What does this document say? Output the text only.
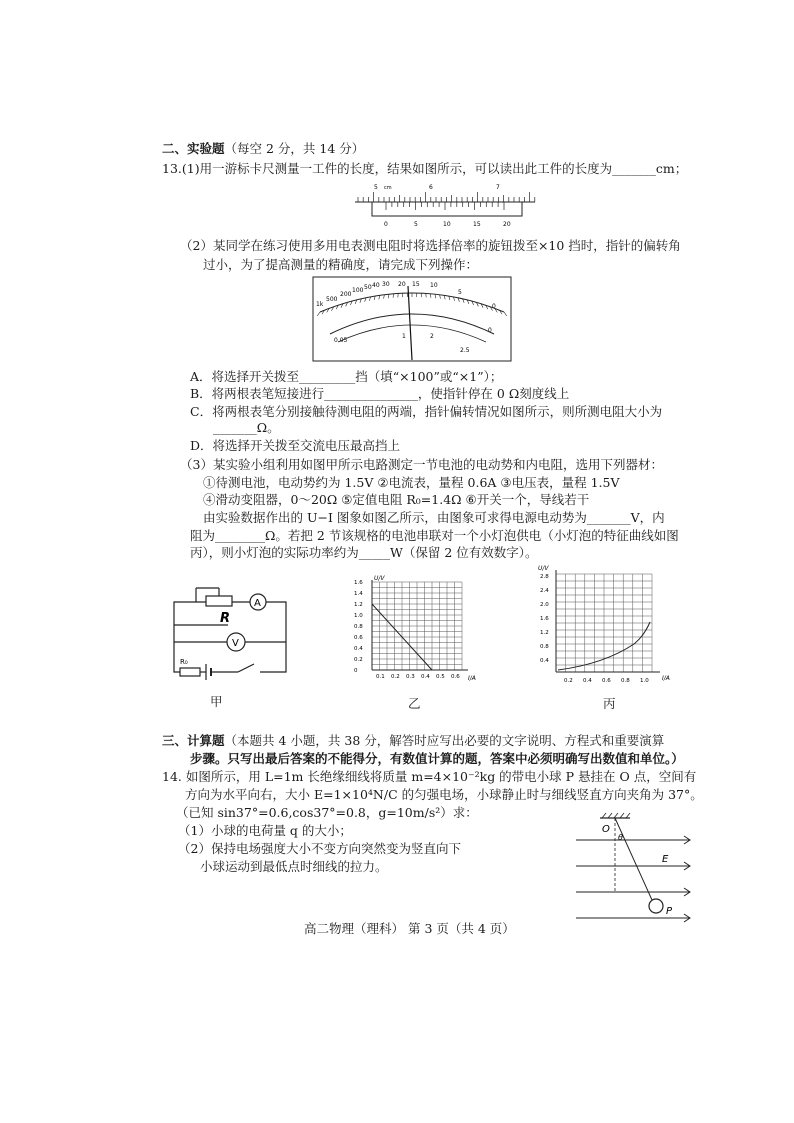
二、实验题（每空 2 分，共 14 分）
13.(1)用一游标卡尺测量一工件的长度，结果如图所示，可以读出此工件的长度为_______cm；
5 cm	6	7
0	5	10	15	20
（2）某同学在练习使用多用电表测电阻时将选择倍率的旋钮拨至×10 挡时，指针的偏转角
过小，为了提高测量的精确度，请完成下列操作：
1k
500
200
100 50 40 30 20 15 10
5
0
0.05
1	2
2.5
0
A．将选择开关拨至_________挡（填“×100”或“×1”）；
B．将两根表笔短接进行_______________，使指针停在 0 Ω刻度线上
C．将两根表笔分别接触待测电阻的两端，指针偏转情况如图所示，则所测电阻大小为
_______Ω。
D．将选择开关拨至交流电压最高挡上
（3）某实验小组利用如图甲所示电路测定一节电池的电动势和内电阻，选用下列器材：
①待测电池，电动势约为 1.5V ②电流表，量程 0.6A ③电压表，量程 1.5V
④滑动变阻器，0～20Ω ⑤定值电阻 R₀=1.4Ω ⑥开关一个，导线若干
由实验数据作出的 U−I 图象如图乙所示，由图象可求得电源电动势为_______V，内
阻为________Ω。若把 2 节该规格的电池串联对一个小灯泡供电（小灯泡的特征曲线如图
丙），则小灯泡的实际功率约为_____W（保留 2 位有效数字）。
R
A
V
R₀
甲
U/V
I/A
1.6
1.4
1.2
1.0
0.8
0.6
0.4
0.2
0
0.1 0.2 0.3 0.4 0.5 0.6
乙
U/V
I/A
2.8
2.4
2.0
1.6
1.2
0.8
0.4
0.2 0.4 0.6 0.8 1.0
丙
三、计算题（本题共 4 小题，共 38 分，解答时应写出必要的文字说明、方程式和重要演算
步骤。只写出最后答案的不能得分，有数值计算的题，答案中必须明确写出数值和单位。）
14. 如图所示，用 L=1m 长绝缘细线将质量 m=4×10⁻²kg 的带电小球 P 悬挂在 O 点，空间有
方向为水平向右，大小 E=1×10⁴N/C 的匀强电场，小球静止时与细线竖直方向夹角为 37°。
（已知 sin37°=0.6,cos37°=0.8，g=10m/s²）求：
（1）小球的电荷量 q 的大小；
（2）保持电场强度大小不变方向突然变为竖直向下
小球运动到最低点时细线的拉力。
O
θ
E
P
高二物理（理科） 第 3 页（共 4 页）
